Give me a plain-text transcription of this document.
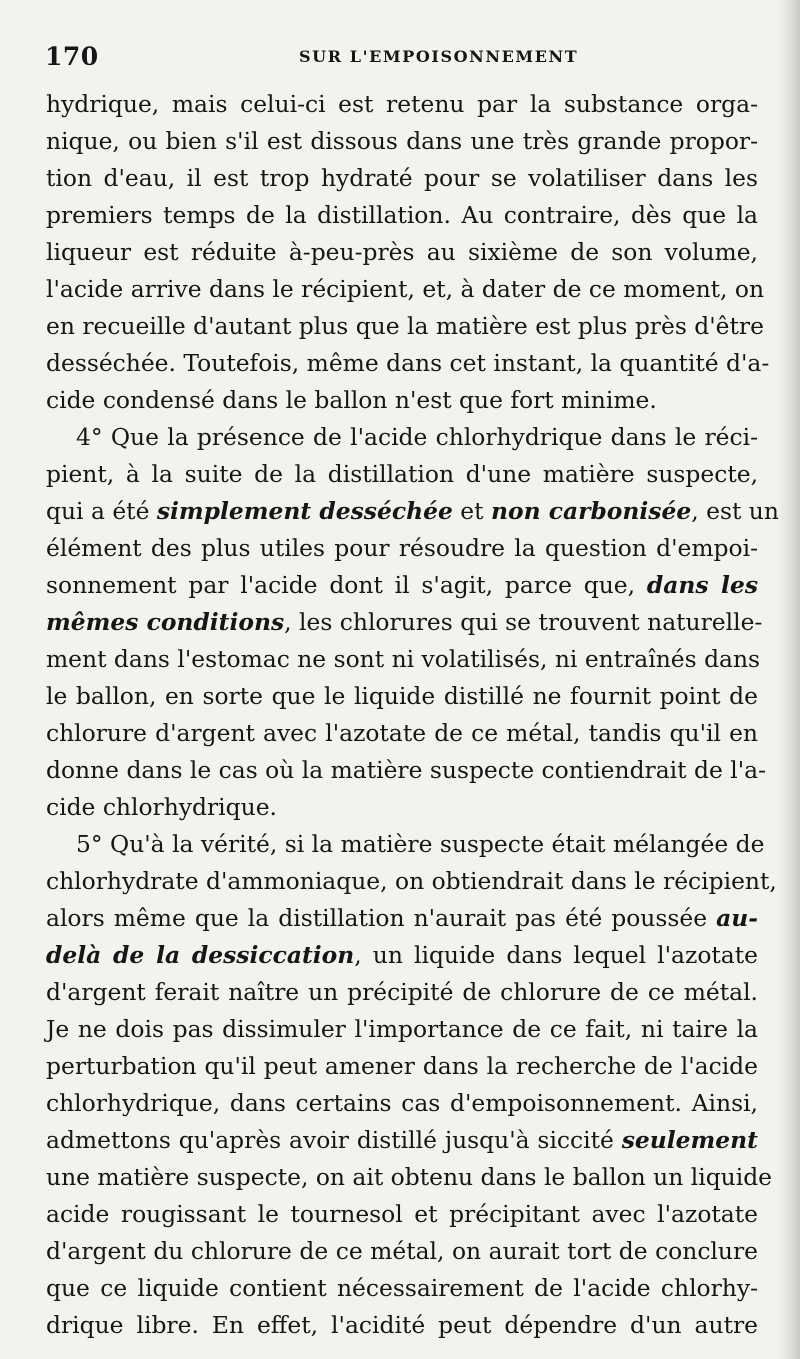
170	SUR L'EMPOISONNEMENT
hydrique, mais celui-ci est retenu par la substance orga-
nique, ou bien s'il est dissous dans une très grande propor-
tion d'eau, il est trop hydraté pour se volatiliser dans les
premiers temps de la distillation. Au contraire, dès que la
liqueur est réduite à-peu-près au sixième de son volume,
l'acide arrive dans le récipient, et, à dater de ce moment, on
en recueille d'autant plus que la matière est plus près d'être
desséchée. Toutefois, même dans cet instant, la quantité d'a-
cide condensé dans le ballon n'est que fort minime.
4° Que la présence de l'acide chlorhydrique dans le réci-
pient, à la suite de la distillation d'une matière suspecte,
qui a été simplement desséchée et non carbonisée, est un
élément des plus utiles pour résoudre la question d'empoi-
sonnement par l'acide dont il s'agit, parce que, dans les
mêmes conditions, les chlorures qui se trouvent naturelle-
ment dans l'estomac ne sont ni volatilisés, ni entraînés dans
le ballon, en sorte que le liquide distillé ne fournit point de
chlorure d'argent avec l'azotate de ce métal, tandis qu'il en
donne dans le cas où la matière suspecte contiendrait de l'a-
cide chlorhydrique.
5° Qu'à la vérité, si la matière suspecte était mélangée de
chlorhydrate d'ammoniaque, on obtiendrait dans le récipient,
alors même que la distillation n'aurait pas été poussée au-
delà de la dessiccation, un liquide dans lequel l'azotate
d'argent ferait naître un précipité de chlorure de ce métal.
Je ne dois pas dissimuler l'importance de ce fait, ni taire la
perturbation qu'il peut amener dans la recherche de l'acide
chlorhydrique, dans certains cas d'empoisonnement. Ainsi,
admettons qu'après avoir distillé jusqu'à siccité seulement
une matière suspecte, on ait obtenu dans le ballon un liquide
acide rougissant le tournesol et précipitant avec l'azotate
d'argent du chlorure de ce métal, on aurait tort de conclure
que ce liquide contient nécessairement de l'acide chlorhy-
drique libre. En effet, l'acidité peut dépendre d'un autre
